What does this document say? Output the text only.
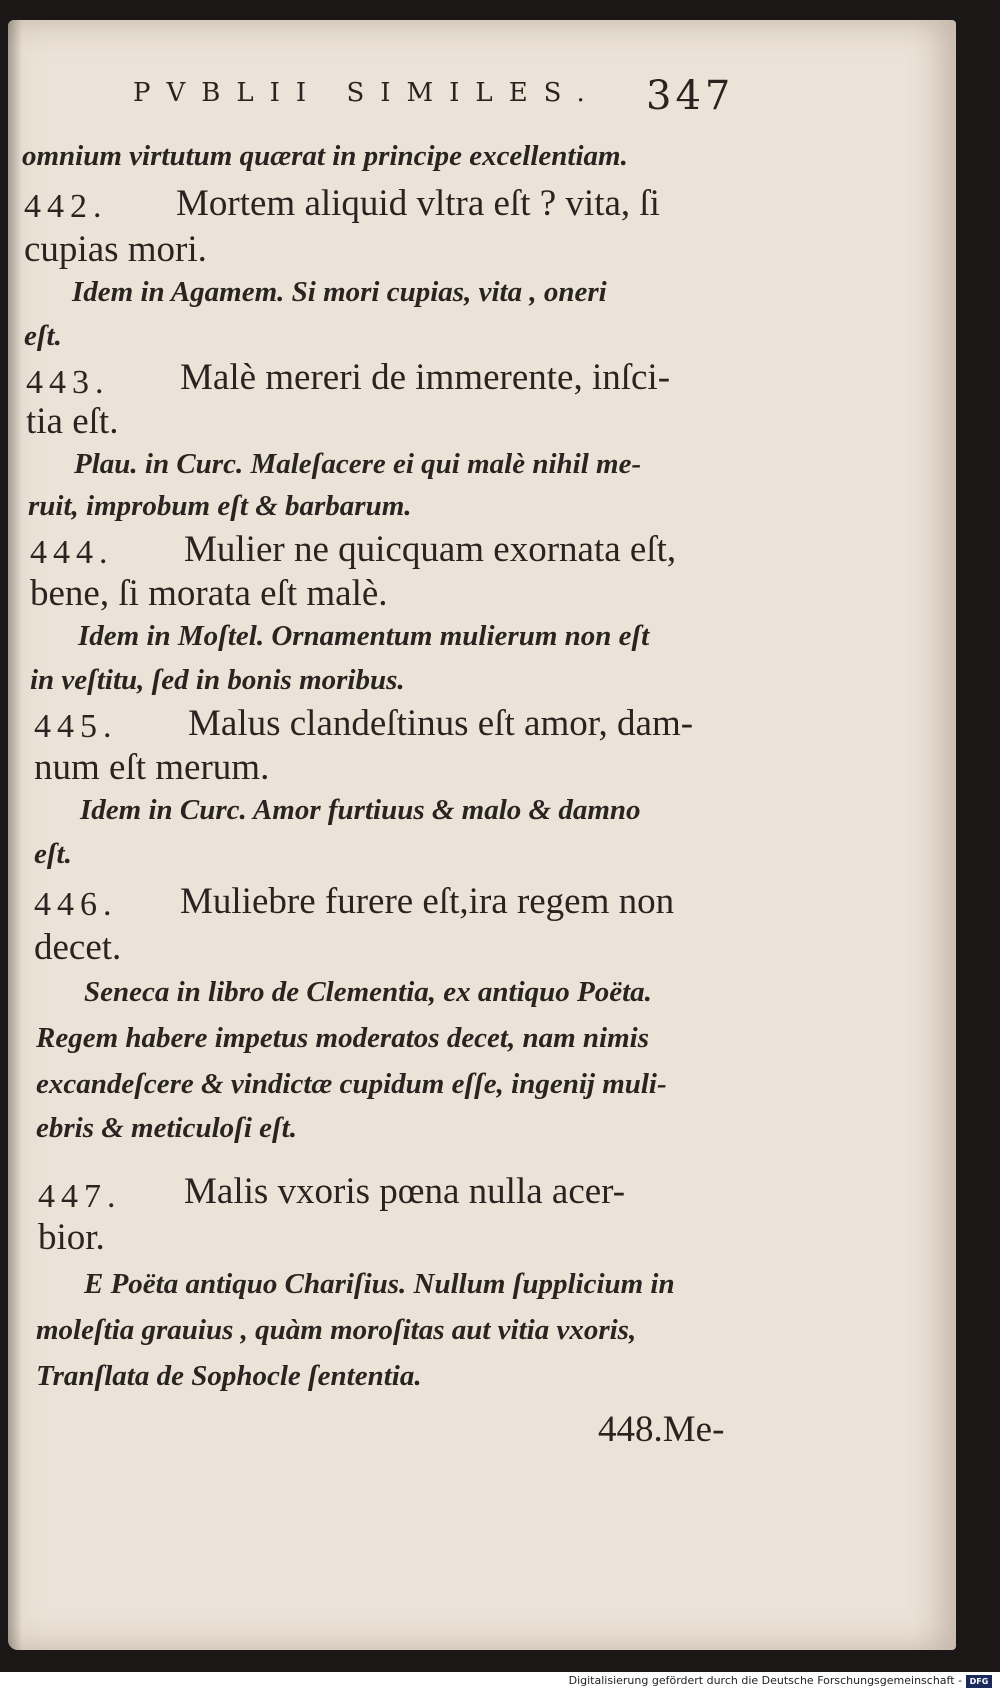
PVBLII SIMILES. 347
omnium virtutum quærat in principe excellentiam.
442. Mortem aliquid vltra eſt ? vita, ſi
cupias mori.
Idem in Agamem. Si mori cupias, vita , oneri
eſt.
443. Malè mereri de immerente, inſci-
tia eſt.
Plau. in Curc. Maleſacere ei qui malè nihil me-
ruit, improbum eſt & barbarum.
444. Mulier ne quicquam exornata eſt,
bene, ſi morata eſt malè.
Idem in Moſtel. Ornamentum mulierum non eſt
in veſtitu, ſed in bonis moribus.
445. Malus clandeſtinus eſt amor, dam-
num eſt merum.
Idem in Curc. Amor furtiuus & malo & damno
eſt.
446. Muliebre furere eſt,ira regem non
decet.
Seneca in libro de Clementia, ex antiquo Poëta.
Regem habere impetus moderatos decet, nam nimis
excandeſcere & vindictæ cupidum eſſe, ingenij muli-
ebris & meticuloſi eſt.
447. Malis vxoris pœna nulla acer-
bior.
E Poëta antiquo Chariſius. Nullum ſupplicium in
moleſtia grauius , quàm moroſitas aut vitia vxoris,
Tranſlata de Sophocle ſententia.
448.Me-
Digitalisierung gefördert durch die Deutsche Forschungsgemeinschaft - DFG
